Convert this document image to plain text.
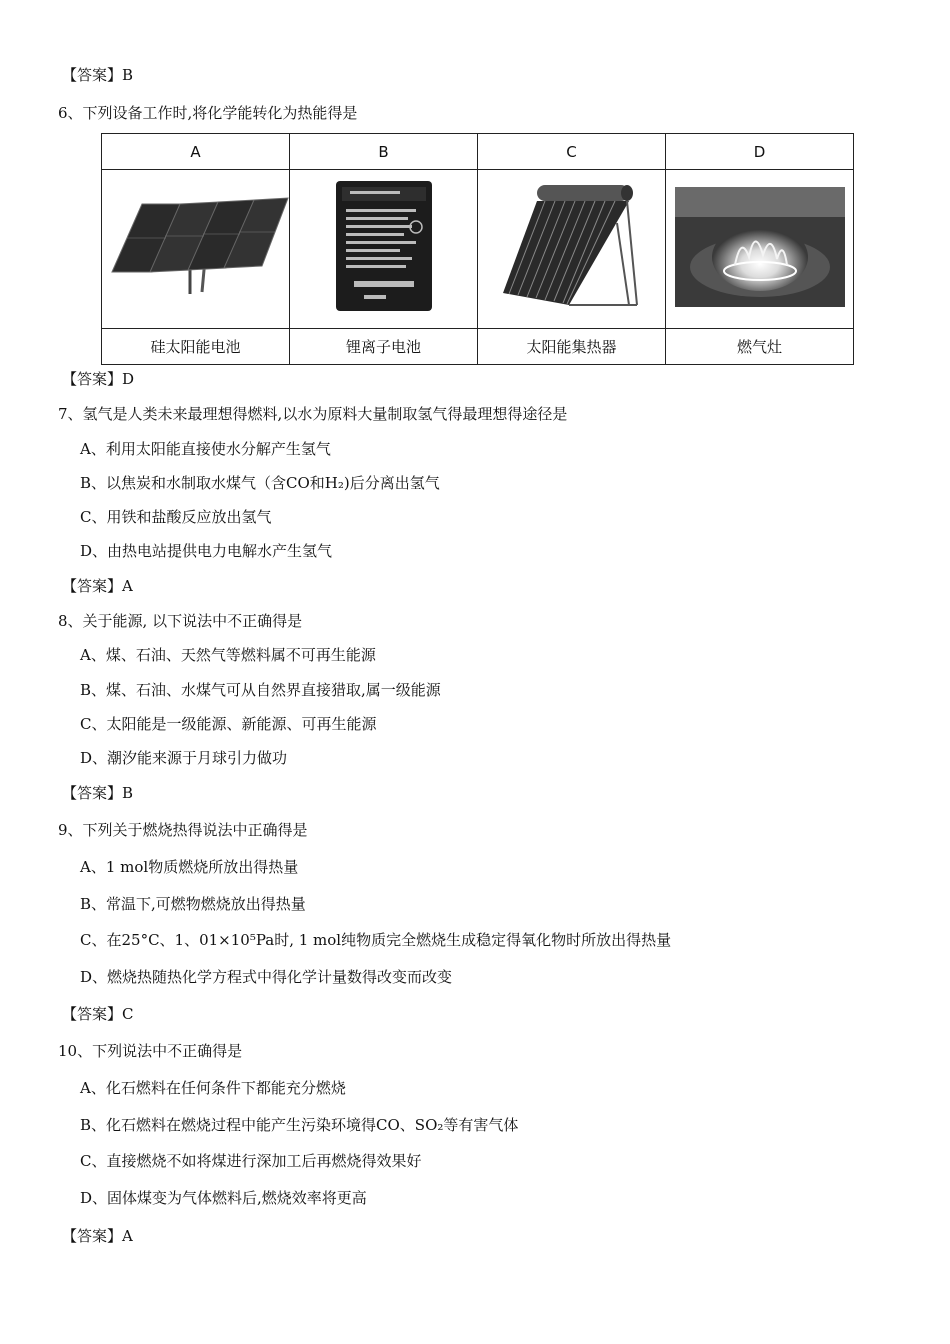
【答案】B
6、下列设备工作时,将化学能转化为热能得是
A	B	C	D

硅太阳能电池	锂离子电池	太阳能集热器	燃气灶
【答案】D
7、氢气是人类未来最理想得燃料,以水为原料大量制取氢气得最理想得途径是
A、利用太阳能直接使水分解产生氢气
B、以焦炭和水制取水煤气（含CO和H₂)后分离出氢气
C、用铁和盐酸反应放出氢气
D、由热电站提供电力电解水产生氢气
【答案】A
8、关于能源, 以下说法中不正确得是
A、煤、石油、天然气等燃料属不可再生能源
B、煤、石油、水煤气可从自然界直接猎取,属一级能源
C、太阳能是一级能源、新能源、可再生能源
D、潮汐能来源于月球引力做功
【答案】B
9、下列关于燃烧热得说法中正确得是
A、1 mol物质燃烧所放出得热量
B、常温下,可燃物燃烧放出得热量
C、在25°C、1、01×10⁵Pa时, 1 mol纯物质完全燃烧生成稳定得氧化物时所放出得热量
D、燃烧热随热化学方程式中得化学计量数得改变而改变
【答案】C
10、下列说法中不正确得是
A、化石燃料在任何条件下都能充分燃烧
B、化石燃料在燃烧过程中能产生污染环境得CO、SO₂等有害气体
C、直接燃烧不如将煤进行深加工后再燃烧得效果好
D、固体煤变为气体燃料后,燃烧效率将更高
【答案】A
